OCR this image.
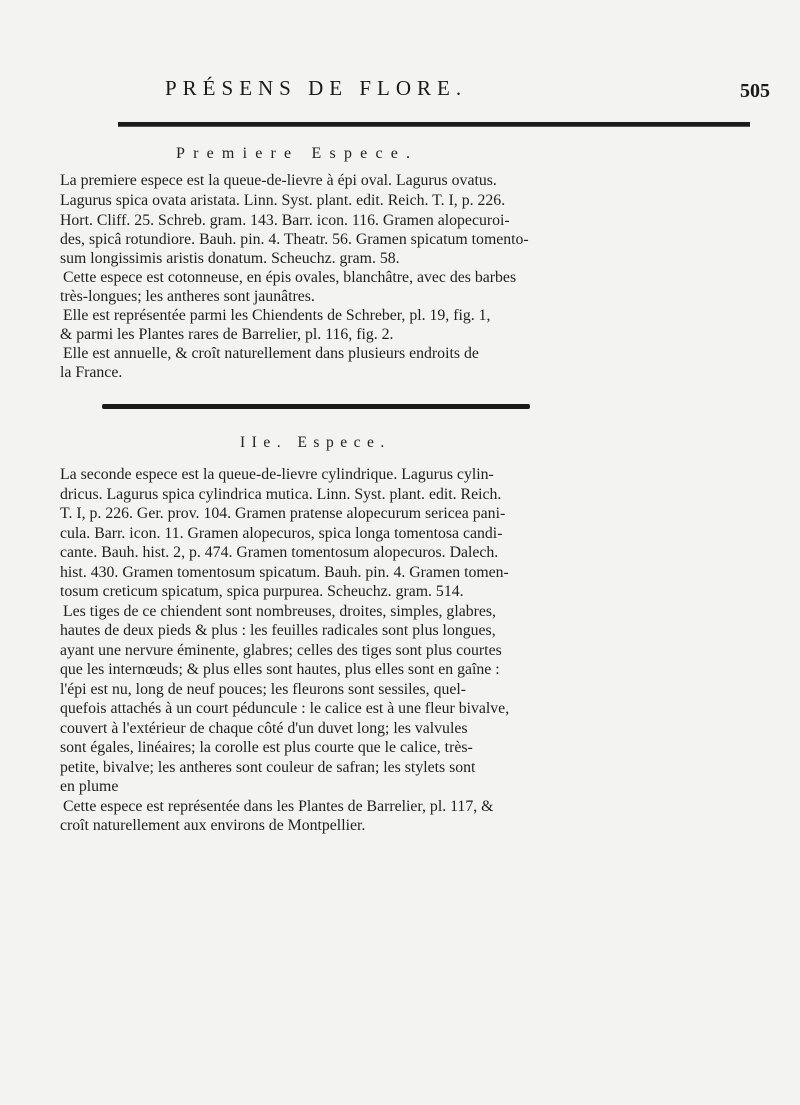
PRÉSENS DE FLORE.	505
Premiere Espece.
La premiere espece est la queue-de-lievre à épi oval. Lagurus ovatus.
Lagurus spica ovata aristata. Linn. Syst. plant. edit. Reich. T. I, p. 226.
Hort. Cliff. 25. Schreb. gram. 143. Barr. icon. 116. Gramen alopecuroi-
des, spicâ rotundiore. Bauh. pin. 4. Theatr. 56. Gramen spicatum tomento-
sum longissimis aristis donatum. Scheuchz. gram. 58.
Cette espece est cotonneuse, en épis ovales, blanchâtre, avec des barbes
très-longues; les antheres sont jaunâtres.
Elle est représentée parmi les Chiendents de Schreber, pl. 19, fig. 1,
& parmi les Plantes rares de Barrelier, pl. 116, fig. 2.
Elle est annuelle, & croît naturellement dans plusieurs endroits de
la France.
IIe. Espece.
La seconde espece est la queue-de-lievre cylindrique. Lagurus cylin-
dricus. Lagurus spica cylindrica mutica. Linn. Syst. plant. edit. Reich.
T. I, p. 226. Ger. prov. 104. Gramen pratense alopecurum sericea pani-
cula. Barr. icon. 11. Gramen alopecuros, spica longa tomentosa candi-
cante. Bauh. hist. 2, p. 474. Gramen tomentosum alopecuros. Dalech.
hist. 430. Gramen tomentosum spicatum. Bauh. pin. 4. Gramen tomen-
tosum creticum spicatum, spica purpurea. Scheuchz. gram. 514.
Les tiges de ce chiendent sont nombreuses, droites, simples, glabres,
hautes de deux pieds & plus : les feuilles radicales sont plus longues,
ayant une nervure éminente, glabres; celles des tiges sont plus courtes
que les internœuds; & plus elles sont hautes, plus elles sont en gaîne :
l'épi est nu, long de neuf pouces; les fleurons sont sessiles, quel-
quefois attachés à un court péduncule : le calice est à une fleur bivalve,
couvert à l'extérieur de chaque côté d'un duvet long; les valvules
sont égales, linéaires; la corolle est plus courte que le calice, très-
petite, bivalve; les antheres sont couleur de safran; les stylets sont
en plume
Cette espece est représentée dans les Plantes de Barrelier, pl. 117, &
croît naturellement aux environs de Montpellier.
